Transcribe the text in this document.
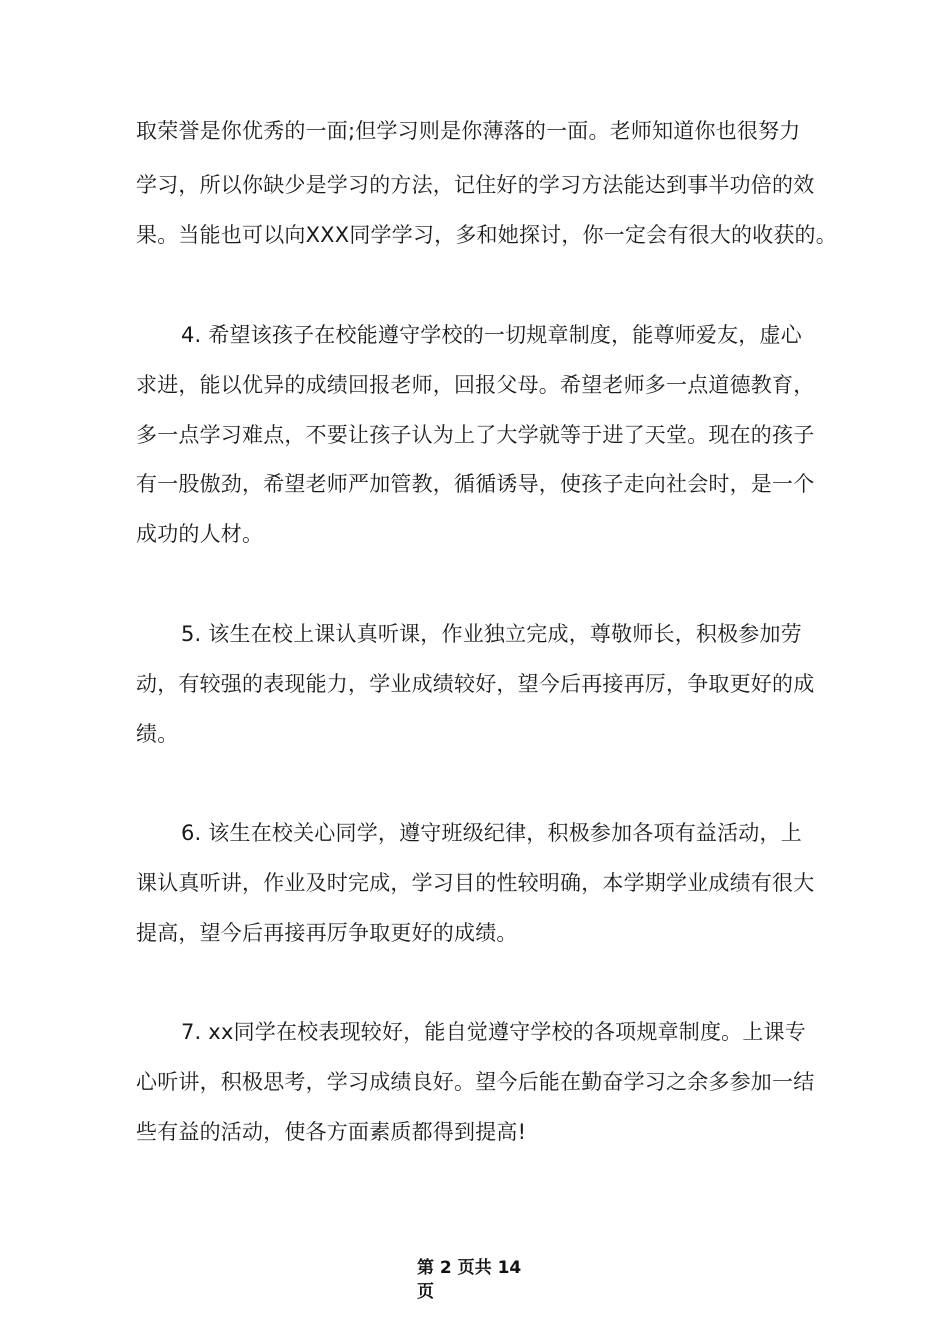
取荣誉是你优秀的一面;但学习则是你薄落的一面。老师知道你也很努力
学习，所以你缺少是学习的方法，记住好的学习方法能达到事半功倍的效
果。当能也可以向XXX同学学习，多和她探讨，你一定会有很大的收获的。
4. 希望该孩子在校能遵守学校的一切规章制度，能尊师爱友，虚心
求进，能以优异的成绩回报老师，回报父母。希望老师多一点道德教育，
多一点学习难点，不要让孩子认为上了大学就等于进了天堂。现在的孩子
有一股傲劲，希望老师严加管教，循循诱导，使孩子走向社会时，是一个
成功的人材。
5. 该生在校上课认真听课，作业独立完成，尊敬师长，积极参加劳
动，有较强的表现能力，学业成绩较好，望今后再接再厉，争取更好的成
绩。
6. 该生在校关心同学，遵守班级纪律，积极参加各项有益活动，上
课认真听讲，作业及时完成，学习目的性较明确，本学期学业成绩有很大
提高，望今后再接再厉争取更好的成绩。
7. xx同学在校表现较好，能自觉遵守学校的各项规章制度。上课专
心听讲，积极思考，学习成绩良好。望今后能在勤奋学习之余多参加一结
些有益的活动，使各方面素质都得到提高!
第 2 页共 14
页
